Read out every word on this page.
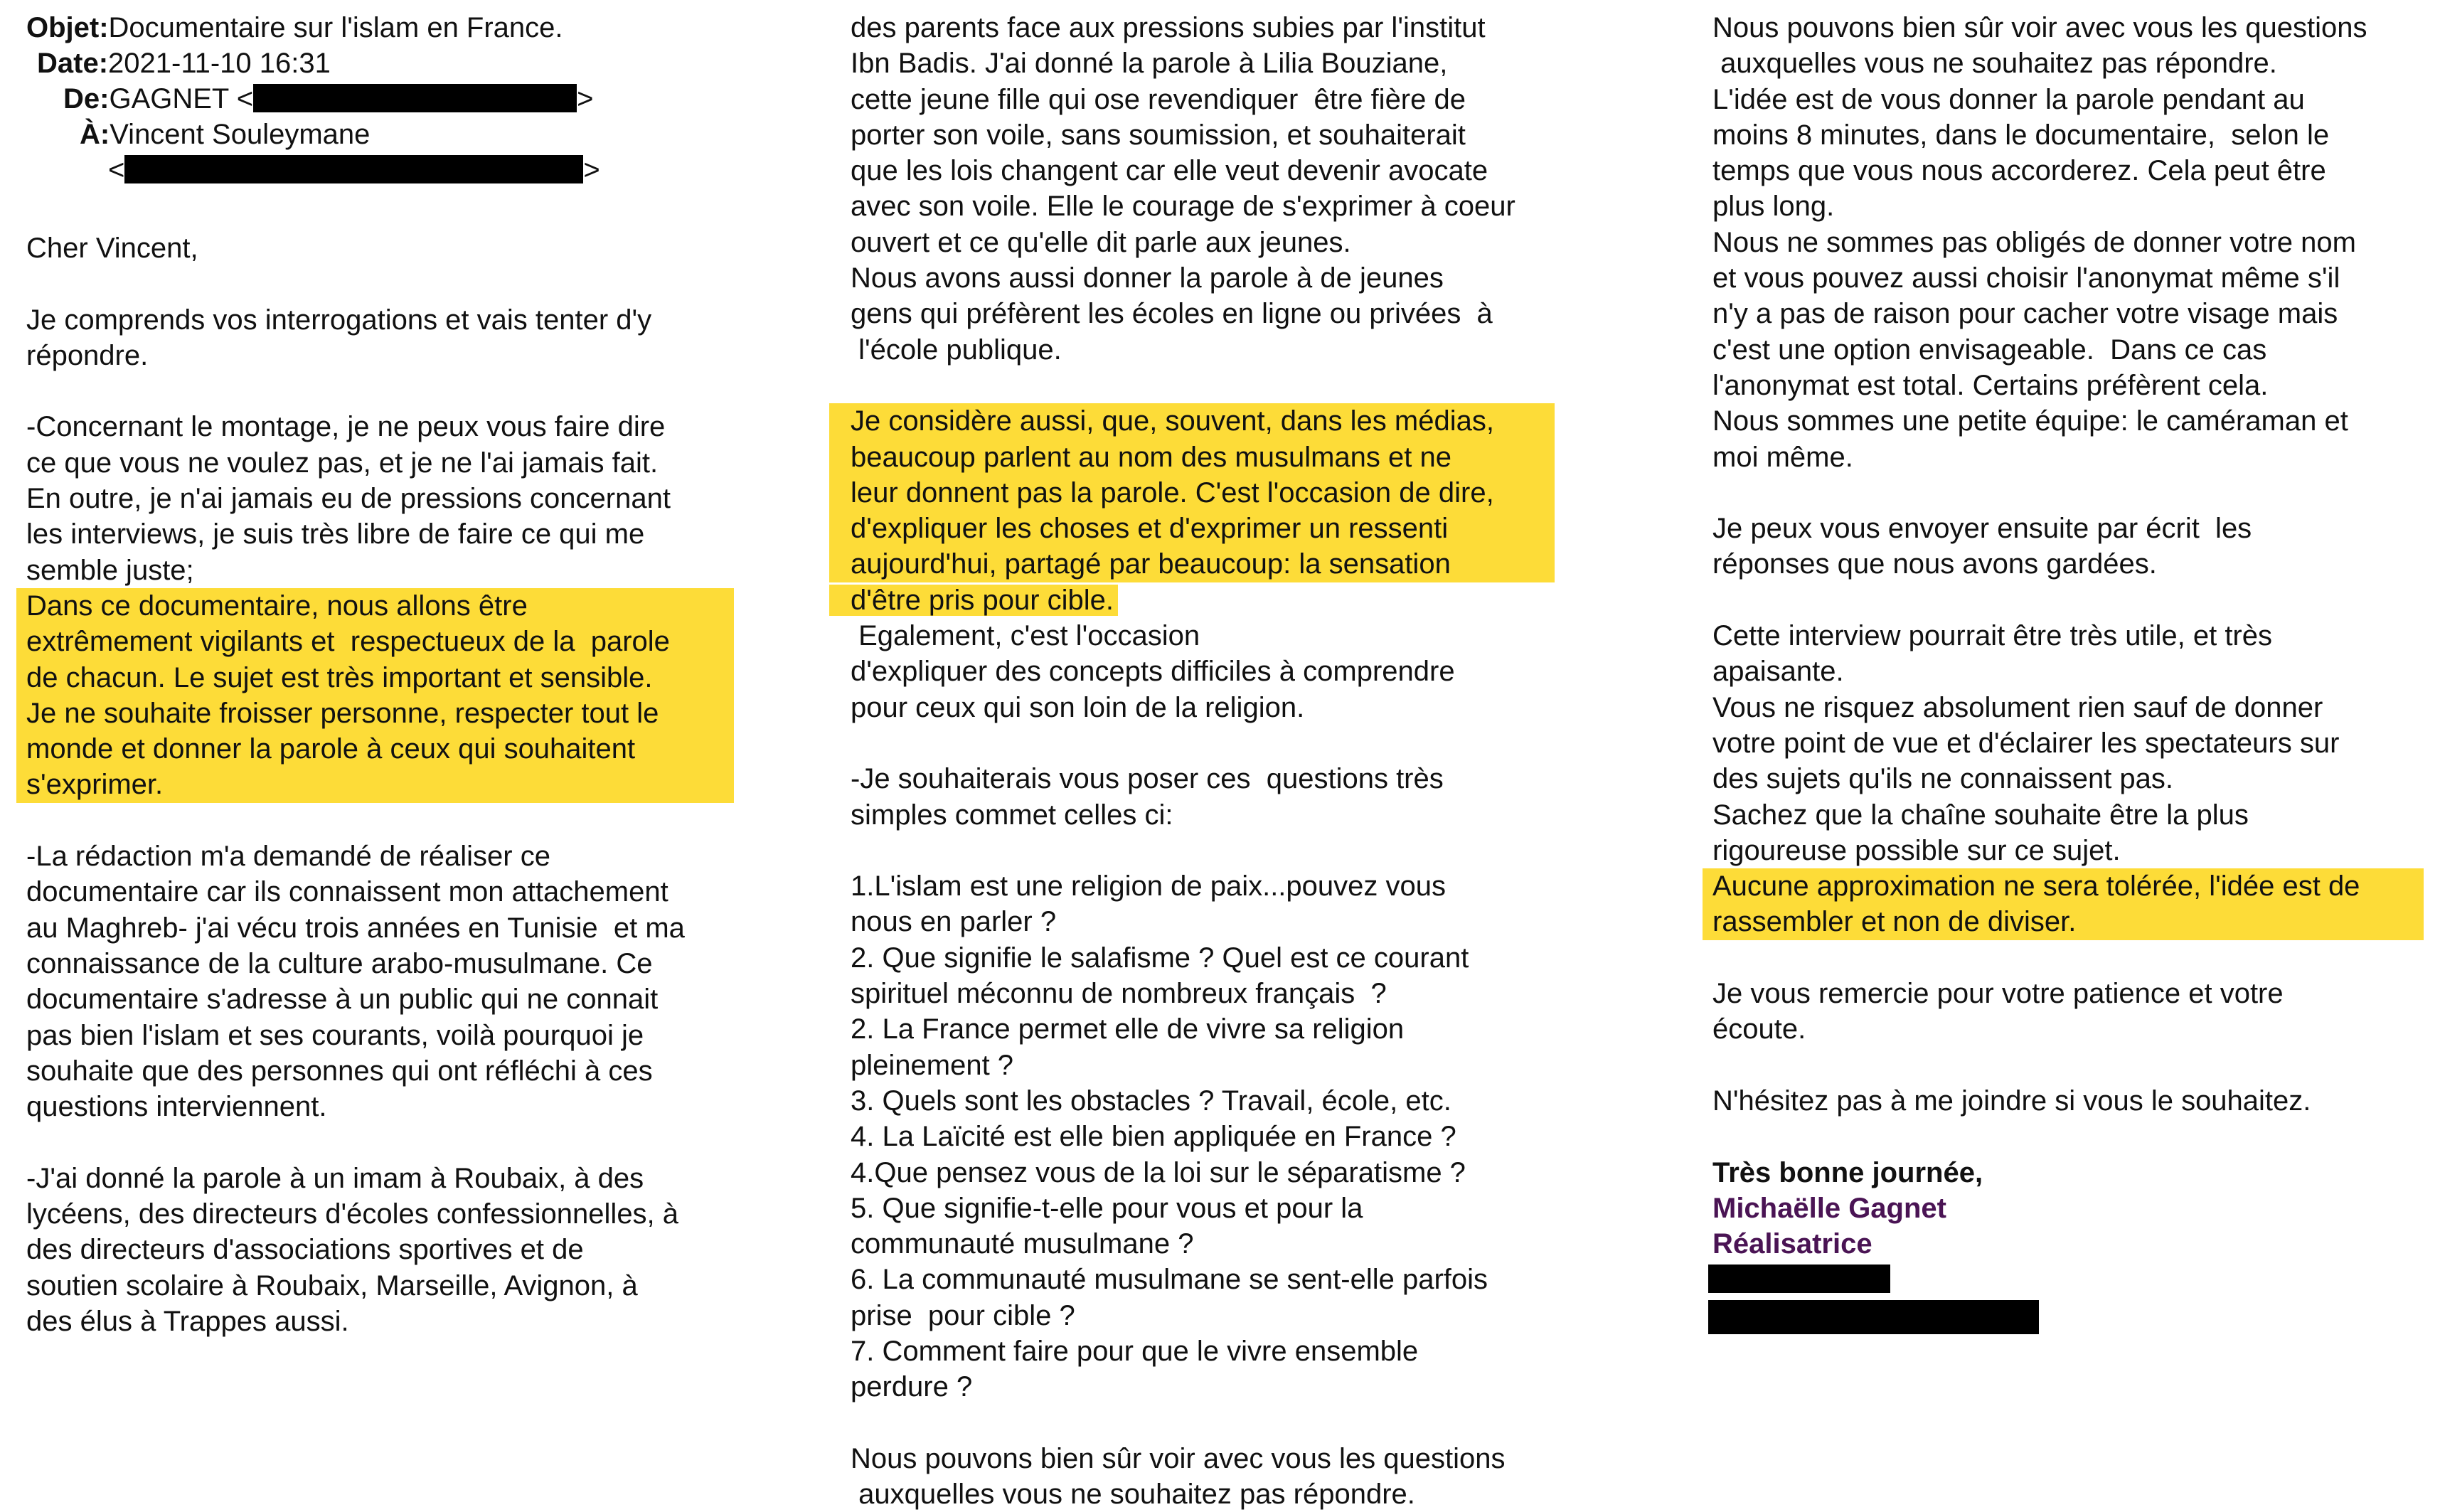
Objet:Documentaire sur l'islam en France.
Date:2021-11-10 16:31
De:GAGNET <	>
À:Vincent Souleymane
<	>
Cher Vincent,
Je comprends vos interrogations et vais tenter d'y
répondre.
-Concernant le montage, je ne peux vous faire dire
ce que vous ne voulez pas, et je ne l'ai jamais fait.
En outre, je n'ai jamais eu de pressions concernant
les interviews, je suis très libre de faire ce qui me
semble juste;
Dans ce documentaire, nous allons être
extrêmement vigilants et  respectueux de la  parole
de chacun. Le sujet est très important et sensible.
Je ne souhaite froisser personne, respecter tout le
monde et donner la parole à ceux qui souhaitent
s'exprimer.
-La rédaction m'a demandé de réaliser ce
documentaire car ils connaissent mon attachement
au Maghreb- j'ai vécu trois années en Tunisie  et ma
connaissance de la culture arabo-musulmane. Ce
documentaire s'adresse à un public qui ne connait
pas bien l'islam et ses courants, voilà pourquoi je
souhaite que des personnes qui ont réfléchi à ces
questions interviennent.
-J'ai donné la parole à un imam à Roubaix, à des
lycéens, des directeurs d'écoles confessionnelles, à
des directeurs d'associations sportives et de
soutien scolaire à Roubaix, Marseille, Avignon, à
des élus à Trappes aussi.
des parents face aux pressions subies par l'institut
Ibn Badis. J'ai donné la parole à Lilia Bouziane,
cette jeune fille qui ose revendiquer  être fière de
porter son voile, sans soumission, et souhaiterait
que les lois changent car elle veut devenir avocate
avec son voile. Elle le courage de s'exprimer à coeur
ouvert et ce qu'elle dit parle aux jeunes.
Nous avons aussi donner la parole à de jeunes
gens qui préfèrent les écoles en ligne ou privées  à
l'école publique.
Je considère aussi, que, souvent, dans les médias,
beaucoup parlent au nom des musulmans et ne
leur donnent pas la parole. C'est l'occasion de dire,
d'expliquer les choses et d'exprimer un ressenti
aujourd'hui, partagé par beaucoup: la sensation
d'être pris pour cible.
Egalement, c'est l'occasion
d'expliquer des concepts difficiles à comprendre
pour ceux qui son loin de la religion.
-Je souhaiterais vous poser ces  questions très
simples commet celles ci:
1.L'islam est une religion de paix...pouvez vous
nous en parler ?
2. Que signifie le salafisme ? Quel est ce courant
spirituel méconnu de nombreux français  ?
2. La France permet elle de vivre sa religion
pleinement ?
3. Quels sont les obstacles ? Travail, école, etc.
4. La Laïcité est elle bien appliquée en France ?
4.Que pensez vous de la loi sur le séparatisme ?
5. Que signifie-t-elle pour vous et pour la
communauté musulmane ?
6. La communauté musulmane se sent-elle parfois
prise  pour cible ?
7. Comment faire pour que le vivre ensemble
perdure ?
Nous pouvons bien sûr voir avec vous les questions
auxquelles vous ne souhaitez pas répondre.
Nous pouvons bien sûr voir avec vous les questions
auxquelles vous ne souhaitez pas répondre.
L'idée est de vous donner la parole pendant au
moins 8 minutes, dans le documentaire,  selon le
temps que vous nous accorderez. Cela peut être
plus long.
Nous ne sommes pas obligés de donner votre nom
et vous pouvez aussi choisir l'anonymat même s'il
n'y a pas de raison pour cacher votre visage mais
c'est une option envisageable.  Dans ce cas
l'anonymat est total. Certains préfèrent cela.
Nous sommes une petite équipe: le caméraman et
moi même.
Je peux vous envoyer ensuite par écrit  les
réponses que nous avons gardées.
Cette interview pourrait être très utile, et très
apaisante.
Vous ne risquez absolument rien sauf de donner
votre point de vue et d'éclairer les spectateurs sur
des sujets qu'ils ne connaissent pas.
Sachez que la chaîne souhaite être la plus
rigoureuse possible sur ce sujet.
Aucune approximation ne sera tolérée, l'idée est de
rassembler et non de diviser.
Je vous remercie pour votre patience et votre
écoute.
N'hésitez pas à me joindre si vous le souhaitez.
Très bonne journée,
Michaëlle Gagnet
Réalisatrice
